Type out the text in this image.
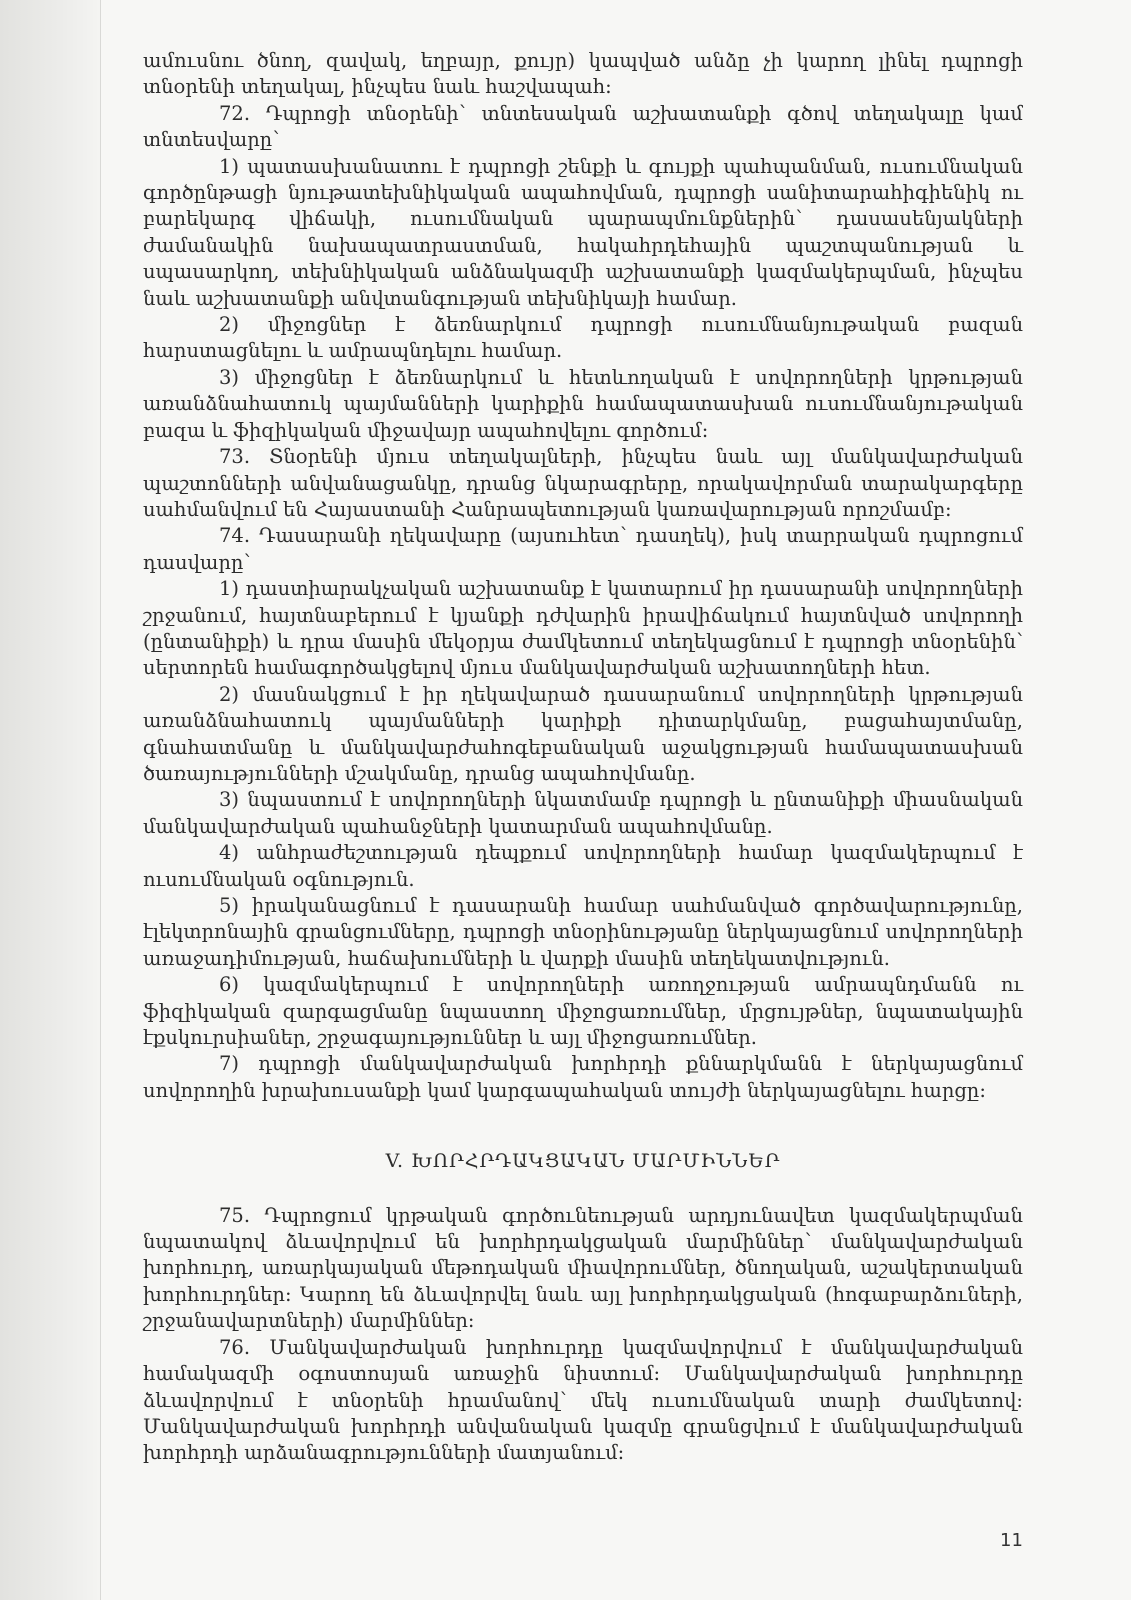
ամուսնու ծնող, զավակ, եղբայր, քույր) կապված անձը չի կարող լինել դպրոցի տնօրենի տեղակալ, ինչպես նաև հաշվապահ:

72. Դպրոցի տնօրենի՝ տնտեսական աշխատանքի գծով տեղակալը կամ տնտեսվարը՝

1) պատասխանատու է դպրոցի շենքի և գույքի պահպանման, ուսումնական գործընթացի նյութատեխնիկական ապահովման, դպրոցի սանիտարահիգիենիկ ու բարեկարգ վիճակի, ուսումնական պարապմունքներին՝ դասասենյակների ժամանակին նախապատրաստման, հակահրդեհային պաշտպանության և սպասարկող, տեխնիկական անձնակազմի աշխատանքի կազմակերպման, ինչպես նաև աշխատանքի անվտանգության տեխնիկայի համար.

2) միջոցներ է ձեռնարկում դպրոցի ուսումնանյութական բազան հարստացնելու և ամրապնդելու համար.

3) միջոցներ է ձեռնարկում և հետևողական է սովորողների կրթության առանձնահատուկ պայմանների կարիքին համապատասխան ուսումնանյութական բազա և ֆիզիկական միջավայր ապահովելու գործում:

73. Տնօրենի մյուս տեղակալների, ինչպես նաև այլ մանկավարժական պաշտոնների անվանացանկը, դրանց նկարագրերը, որակավորման տարակարգերը սահմանվում են Հայաստանի Հանրապետության կառավարության որոշմամբ:

74. Դասարանի ղեկավարը (այսուհետ՝ դասղեկ), իսկ տարրական դպրոցում դասվարը՝

1) դաստիարակչական աշխատանք է կատարում իր դասարանի սովորողների շրջանում, հայտնաբերում է կյանքի դժվարին իրավիճակում հայտնված սովորողի (ընտանիքի) և դրա մասին մեկօրյա ժամկետում տեղեկացնում է դպրոցի տնօրենին՝ սերտորեն համագործակցելով մյուս մանկավարժական աշխատողների հետ.

2) մասնակցում է իր ղեկավարած դասարանում սովորողների կրթության առանձնահատուկ պայմանների կարիքի դիտարկմանը, բացահայտմանը, գնահատմանը և մանկավարժահոգեբանական աջակցության համապատասխան ծառայությունների մշակմանը, դրանց ապահովմանը.

3) նպաստում է սովորողների նկատմամբ դպրոցի և ընտանիքի միասնական մանկավարժական պահանջների կատարման ապահովմանը.

4) անհրաժեշտության դեպքում սովորողների համար կազմակերպում է ուսումնական օգնություն.

5) իրականացնում է դասարանի համար սահմանված գործավարությունը, էլեկտրոնային գրանցումները, դպրոցի տնօրինությանը ներկայացնում սովորողների առաջադիմության, հաճախումների և վարքի մասին տեղեկատվություն.

6) կազմակերպում է սովորողների առողջության ամրապնդմանն ու ֆիզիկական զարգացմանը նպաստող միջոցառումներ, մրցույթներ, նպատակային էքսկուրսիաներ, շրջագայություններ և այլ միջոցառումներ.

7) դպրոցի մանկավարժական խորհրդի քննարկմանն է ներկայացնում սովորողին խրախուսանքի կամ կարգապահական տույժի ներկայացնելու հարցը:

V. ԽՈՐՀՐԴԱԿՑԱԿԱՆ ՄԱՐՄԻՆՆԵՐ

75. Դպրոցում կրթական գործունեության արդյունավետ կազմակերպման նպատակով ձևավորվում են խորհրդակցական մարմիններ՝ մանկավարժական խորհուրդ, առարկայական մեթոդական միավորումներ, ծնողական, աշակերտական խորհուրդներ: Կարող են ձևավորվել նաև այլ խորհրդակցական (հոգաբարձուների, շրջանավարտների) մարմիններ:

76. Մանկավարժական խորհուրդը կազմավորվում է մանկավարժական համակազմի օգոստոսյան առաջին նիստում: Մանկավարժական խորհուրդը ձևավորվում է տնօրենի հրամանով՝ մեկ ուսումնական տարի ժամկետով: Մանկավարժական խորհրդի անվանական կազմը գրանցվում է մանկավարժական խորհրդի արձանագրությունների մատյանում:

11
